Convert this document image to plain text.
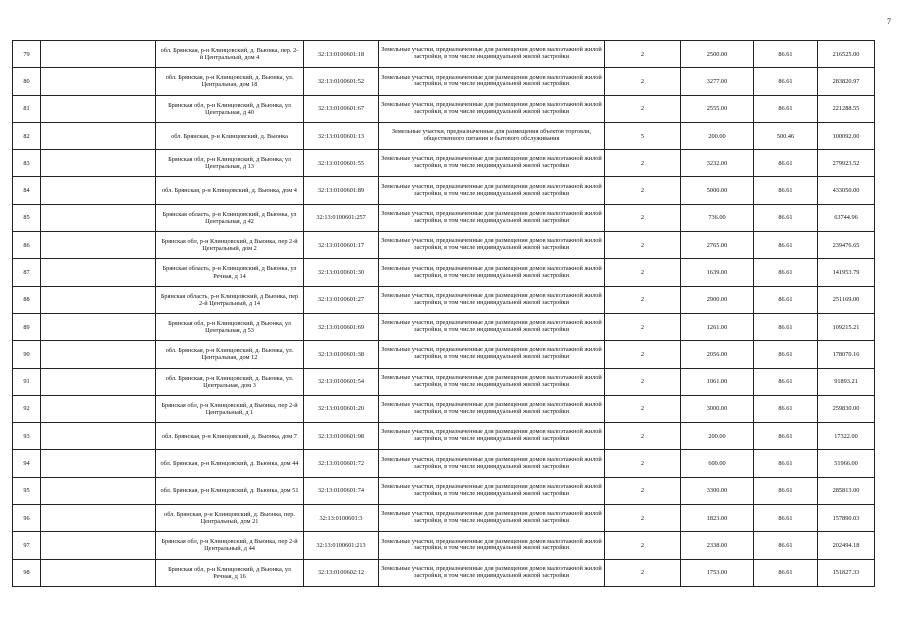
7
79		обл. Брянская, р-н Клинцовский, д. Вьюнка, пер. 2-й Центральный, дом 4	32:13:0100601:18	Земельные участки, предназначенные для размещения домов малоэтажной жилой застройки, в том числе индивидуальной жилой застройки	2	2500.00	86.61	216525.00
80		обл. Брянская, р-н Клинцовский, д. Вьюнка, ул. Центральная, дом 18	32:13:0100601:52	Земельные участки, предназначенные для размещения домов малоэтажной жилой застройки, в том числе индивидуальной жилой застройки	2	3277.00	86.61	283820.97
81		Брянская обл, р-н Клинцовский, д Вьюнка, ул Центральная, д 40	32:13:0100601:67	Земельные участки, предназначенные для размещения домов малоэтажной жилой застройки, в том числе индивидуальной жилой застройки	2	2555.00	86.61	221288.55
82		обл. Брянская, р-н Клинцовский, д. Вьюнка	32:13:0100601:13	Земельные участки, предназначенные для размещения объектов торговли, общественного питания и бытового обслуживания	5	200.00	500.46	100092.00
83		Брянская обл, р-н Клинцовский, д Вьюнка, ул Центральная, д 13	32:13:0100601:55	Земельные участки, предназначенные для размещения домов малоэтажной жилой застройки, в том числе индивидуальной жилой застройки	2	3232.00	86.61	279923.52
84		обл. Брянская, р-н Клинцовский, д. Вьюнка, дом 4	32:13:0100601:89	Земельные участки, предназначенные для размещения домов малоэтажной жилой застройки, в том числе индивидуальной жилой застройки	2	5000.00	86.61	433050.00
85		Брянская область, р-н Клинцовский, д Вьюнка, ул Центральная, д 42	32:13:0100601:257	Земельные участки, предназначенные для размещения домов малоэтажной жилой застройки, в том числе индивидуальной жилой застройки	2	736.00	86.61	63744.96
86		Брянская обл, р-н Клинцовский, д Вьюнка, пер 2-й Центральный, дом 2	32:13:0100601:17	Земельные участки, предназначенные для размещения домов малоэтажной жилой застройки, в том числе индивидуальной жилой застройки	2	2765.00	86.61	239476.65
87		Брянская область, р-н Клинцовский, д Вьюнка, ул Речная, д 14	32:13:0100601:30	Земельные участки, предназначенные для размещения домов малоэтажной жилой застройки, в том числе индивидуальной жилой застройки	2	1639.00	86.61	141953.79
88		Брянская область, р-н Клинцовский, д Вьюнка, пер 2-й Центральный, д 14	32:13:0100601:27	Земельные участки, предназначенные для размещения домов малоэтажной жилой застройки, в том числе индивидуальной жилой застройки	2	2900.00	86.61	251169.00
89		Брянская обл, р-н Клинцовский, д Вьюнка, ул Центральная, д 53	32:13:0100601:69	Земельные участки, предназначенные для размещения домов малоэтажной жилой застройки, в том числе индивидуальной жилой застройки	2	1261.00	86.61	109215.21
90		обл. Брянская, р-н Клинцовский, д. Вьюнка, ул. Центральная, дом 12	32:13:0100601:38	Земельные участки, предназначенные для размещения домов малоэтажной жилой застройки, в том числе индивидуальной жилой застройки	2	2056.00	86.61	178070.16
91		обл. Брянская, р-н Клинцовский, д. Вьюнка, ул. Центральная, дом 3	32:13:0100601:54	Земельные участки, предназначенные для размещения домов малоэтажной жилой застройки, в том числе индивидуальной жилой застройки	2	1061.00	86.61	91893.21
92		Брянская обл, р-н Клинцовский, д Вьюнка, пер 2-й Центральный, д 1	32:13:0100601:20	Земельные участки, предназначенные для размещения домов малоэтажной жилой застройки, в том числе индивидуальной жилой застройки	2	3000.00	86.61	259830.00
93		обл. Брянская, р-н Клинцовский, д. Вьюнка, дом 7	32:13:0100601:98	Земельные участки, предназначенные для размещения домов малоэтажной жилой застройки, в том числе индивидуальной жилой застройки	2	200.00	86.61	17322.00
94		обл. Брянская, р-н Клинцовский, д. Вьюнка, дом 44	32:13:0100601:72	Земельные участки, предназначенные для размещения домов малоэтажной жилой застройки, в том числе индивидуальной жилой застройки	2	600.00	86.61	51966.00
95		обл. Брянская, р-н Клинцовский, д. Вьюнка, дом 51	32:13:0100601:74	Земельные участки, предназначенные для размещения домов малоэтажной жилой застройки, в том числе индивидуальной жилой застройки	2	3300.00	86.61	285813.00
96		обл. Брянская, р-н Клинцовский, д. Вьюнка, пер. Центральный, дом 21	32:13:0100601:3	Земельные участки, предназначенные для размещения домов малоэтажной жилой застройки, в том числе индивидуальной жилой застройки	2	1823.00	86.61	157890.03
97		Брянская обл, р-н Клинцовский, д Вьюнка, пер 2-й Центральный, д 44	32:13:0100601:213	Земельные участки, предназначенные для размещения домов малоэтажной жилой застройки, в том числе индивидуальной жилой застройки	2	2338.00	86.61	202494.18
98		Брянская обл, р-н Клинцовский, д Вьюнка, ул Речная, д 16	32:13:0100602:12	Земельные участки, предназначенные для размещения домов малоэтажной жилой застройки, в том числе индивидуальной жилой застройки	2	1753.00	86.61	151827.33
